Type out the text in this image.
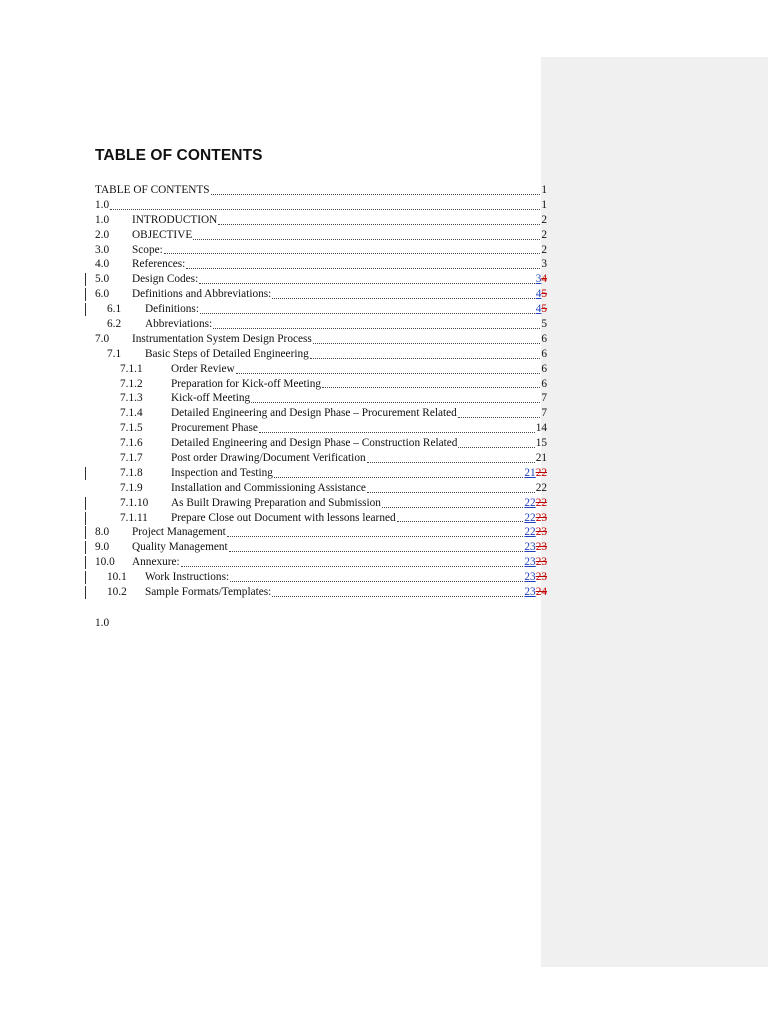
TABLE OF CONTENTS
TABLE OF CONTENTS	1
1.0	1
1.0	INTRODUCTION	2
2.0	OBJECTIVE	2
3.0	Scope:	2
4.0	References:	3
5.0	Design Codes:	34
6.0	Definitions and Abbreviations:	45
6.1	Definitions:	45
6.2	Abbreviations:	5
7.0	Instrumentation System Design Process	6
7.1	Basic Steps of Detailed Engineering	6
7.1.1	Order Review	6
7.1.2	Preparation for Kick-off Meeting	6
7.1.3	Kick-off Meeting	7
7.1.4	Detailed Engineering and Design Phase – Procurement Related	7
7.1.5	Procurement Phase	14
7.1.6	Detailed Engineering and Design Phase – Construction Related	15
7.1.7	Post order Drawing/Document Verification	21
7.1.8	Inspection and Testing	2122
7.1.9	Installation and Commissioning Assistance	22
7.1.10	As Built Drawing Preparation and Submission	2222
7.1.11	Prepare Close out Document with lessons learned	2223
8.0	Project Management	2223
9.0	Quality Management	2323
10.0	Annexure:	2323
10.1	Work Instructions:	2323
10.2	Sample Formats/Templates:	2324
1.0
